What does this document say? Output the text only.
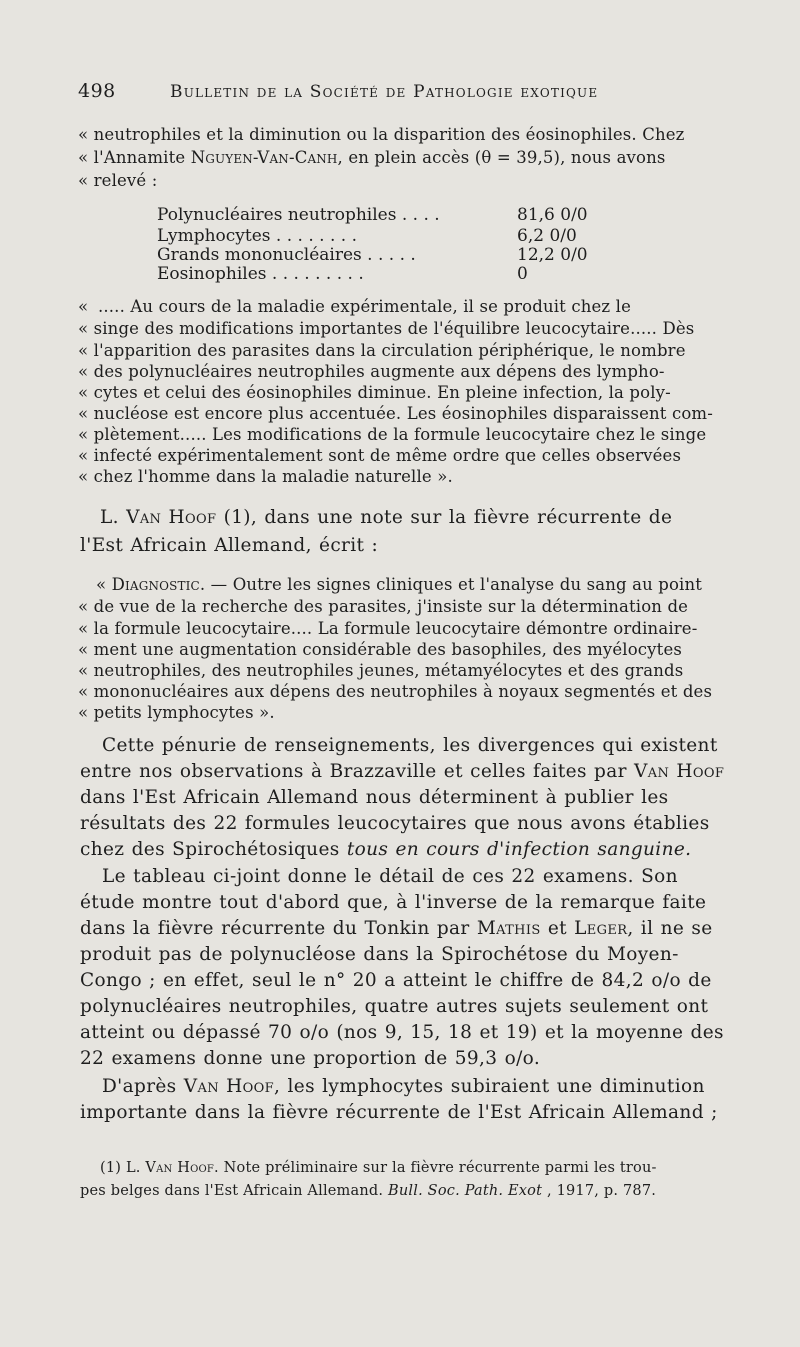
498	Bulletin de la Société de Pathologie exotique
« neutrophiles et la diminution ou la disparition des éosinophiles. Chez
« l'Annamite Nguyen-Van-Canh, en plein accès (θ = 39,5), nous avons
« relevé :
Polynucléaires neutrophiles . . . .	81,6 0/0
Lymphocytes . . . . . . . .	6,2 0/0
Grands mononucléaires . . . . .	12,2 0/0
Eosinophiles . . . . . . . . .	0
« ..... Au cours de la maladie expérimentale, il se produit chez le
« singe des modifications importantes de l'équilibre leucocytaire..... Dès
« l'apparition des parasites dans la circulation périphérique, le nombre
« des polynucléaires neutrophiles augmente aux dépens des lympho-
« cytes et celui des éosinophiles diminue. En pleine infection, la poly-
« nucléose est encore plus accentuée. Les éosinophiles disparaissent com-
« plètement..... Les modifications de la formule leucocytaire chez le singe
« infecté expérimentalement sont de même ordre que celles observées
« chez l'homme dans la maladie naturelle ».
L. Van Hoof (1), dans une note sur la fièvre récurrente de
l'Est Africain Allemand, écrit :
« Diagnostic. — Outre les signes cliniques et l'analyse du sang au point
« de vue de la recherche des parasites, j'insiste sur la détermination de
« la formule leucocytaire.... La formule leucocytaire démontre ordinaire-
« ment une augmentation considérable des basophiles, des myélocytes
« neutrophiles, des neutrophiles jeunes, métamyélocytes et des grands
« mononucléaires aux dépens des neutrophiles à noyaux segmentés et des
« petits lymphocytes ».
Cette pénurie de renseignements, les divergences qui existent
entre nos observations à Brazzaville et celles faites par Van Hoof
dans l'Est Africain Allemand nous déterminent à publier les
résultats des 22 formules leucocytaires que nous avons établies
chez des Spirochétosiques tous en cours d'infection sanguine.
Le tableau ci-joint donne le détail de ces 22 examens. Son
étude montre tout d'abord que, à l'inverse de la remarque faite
dans la fièvre récurrente du Tonkin par Mathis et Leger, il ne se
produit pas de polynucléose dans la Spirochétose du Moyen-
Congo ; en effet, seul le n° 20 a atteint le chiffre de 84,2 o/o de
polynucléaires neutrophiles, quatre autres sujets seulement ont
atteint ou dépassé 70 o/o (nos 9, 15, 18 et 19) et la moyenne des
22 examens donne une proportion de 59,3 o/o.
D'après Van Hoof, les lymphocytes subiraient une diminution
importante dans la fièvre récurrente de l'Est Africain Allemand ;
(1) L. Van Hoof. Note préliminaire sur la fièvre récurrente parmi les trou-
pes belges dans l'Est Africain Allemand. Bull. Soc. Path. Exot , 1917, p. 787.
